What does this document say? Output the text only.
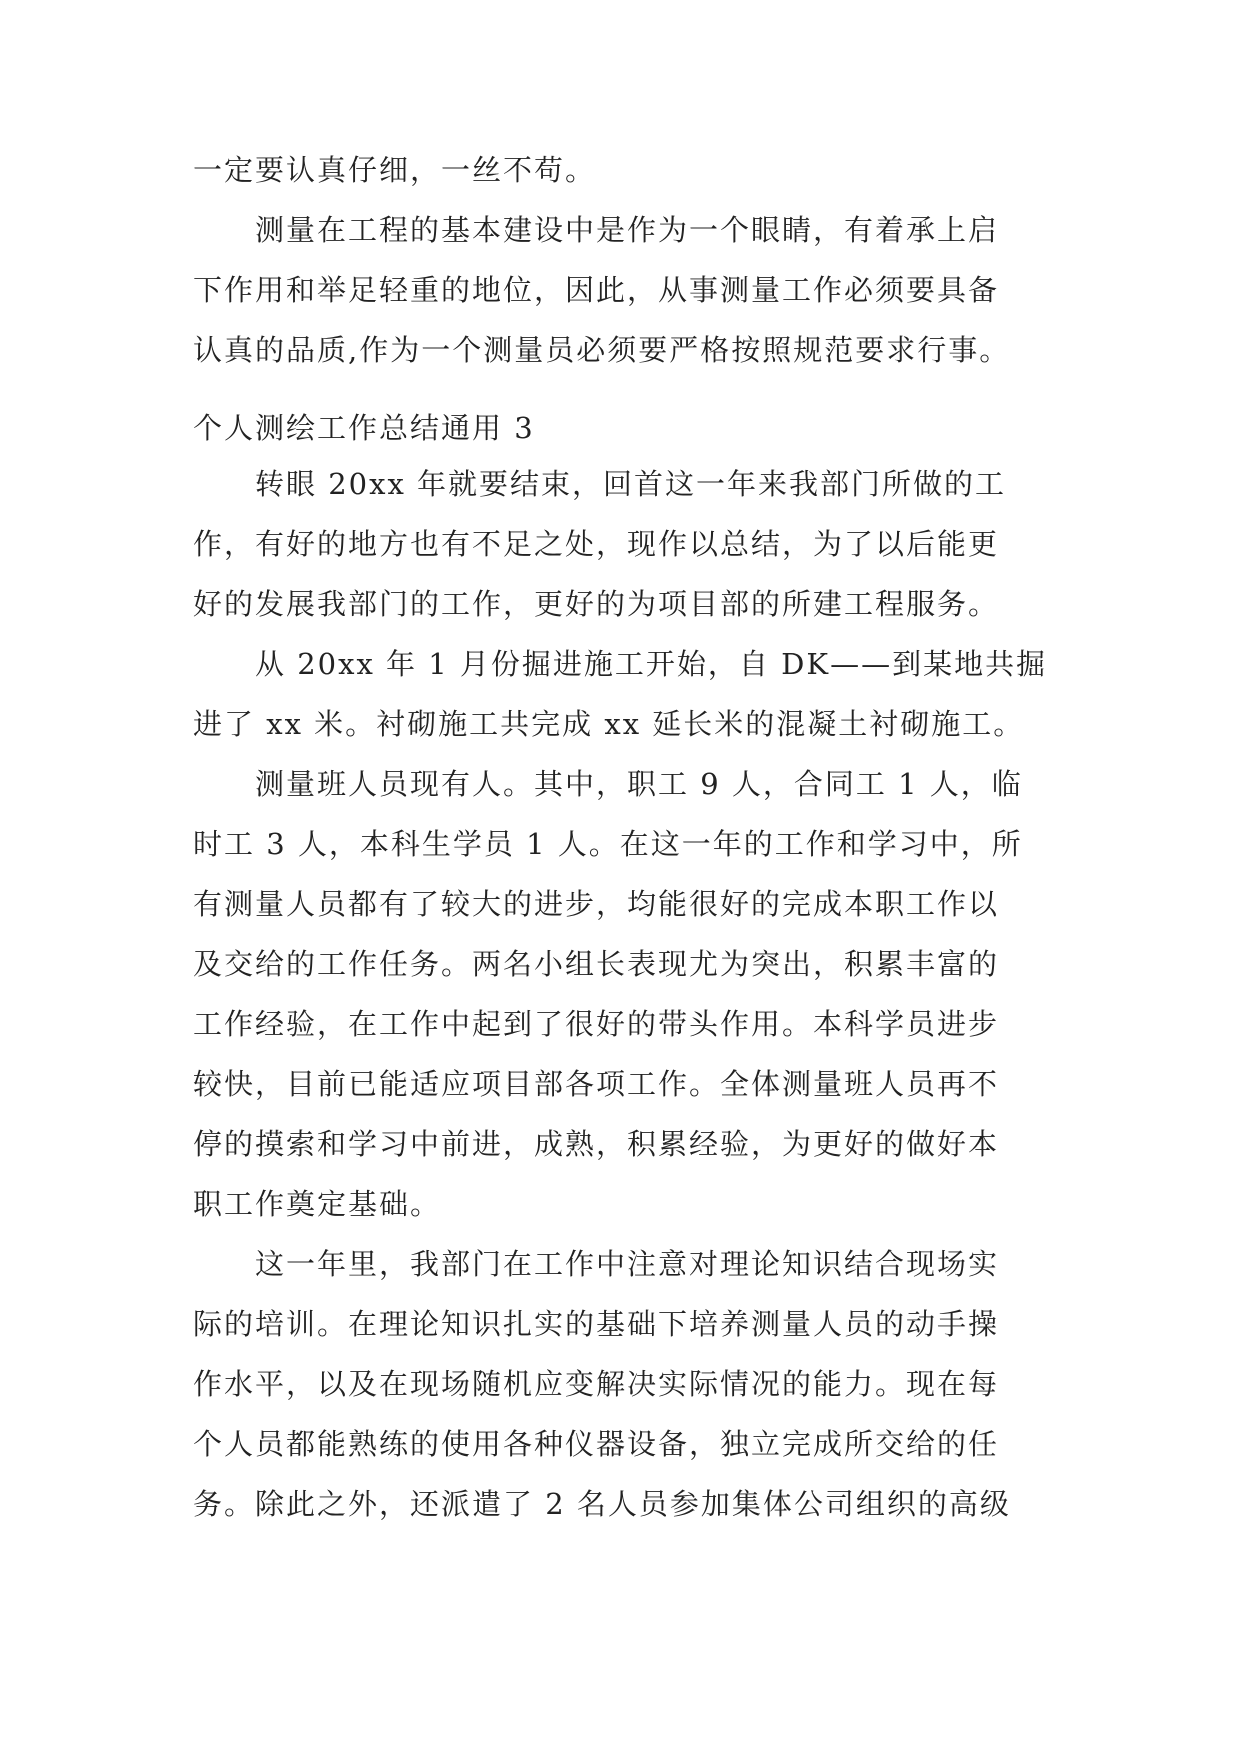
一定要认真仔细，一丝不苟。
　　测量在工程的基本建设中是作为一个眼睛，有着承上启
下作用和举足轻重的地位，因此，从事测量工作必须要具备
认真的品质,作为一个测量员必须要严格按照规范要求行事。
个人测绘工作总结通用 3
　　转眼 20xx 年就要结束，回首这一年来我部门所做的工
作，有好的地方也有不足之处，现作以总结，为了以后能更
好的发展我部门的工作，更好的为项目部的所建工程服务。
　　从 20xx 年 1 月份掘进施工开始，自 DK——到某地共掘
进了 xx 米。衬砌施工共完成 xx 延长米的混凝土衬砌施工。
　　测量班人员现有人。其中，职工 9 人，合同工 1 人，临
时工 3 人，本科生学员 1 人。在这一年的工作和学习中，所
有测量人员都有了较大的进步，均能很好的完成本职工作以
及交给的工作任务。两名小组长表现尤为突出，积累丰富的
工作经验，在工作中起到了很好的带头作用。本科学员进步
较快，目前已能适应项目部各项工作。全体测量班人员再不
停的摸索和学习中前进，成熟，积累经验，为更好的做好本
职工作奠定基础。
　　这一年里，我部门在工作中注意对理论知识结合现场实
际的培训。在理论知识扎实的基础下培养测量人员的动手操
作水平，以及在现场随机应变解决实际情况的能力。现在每
个人员都能熟练的使用各种仪器设备，独立完成所交给的任
务。除此之外，还派遣了 2 名人员参加集体公司组织的高级
